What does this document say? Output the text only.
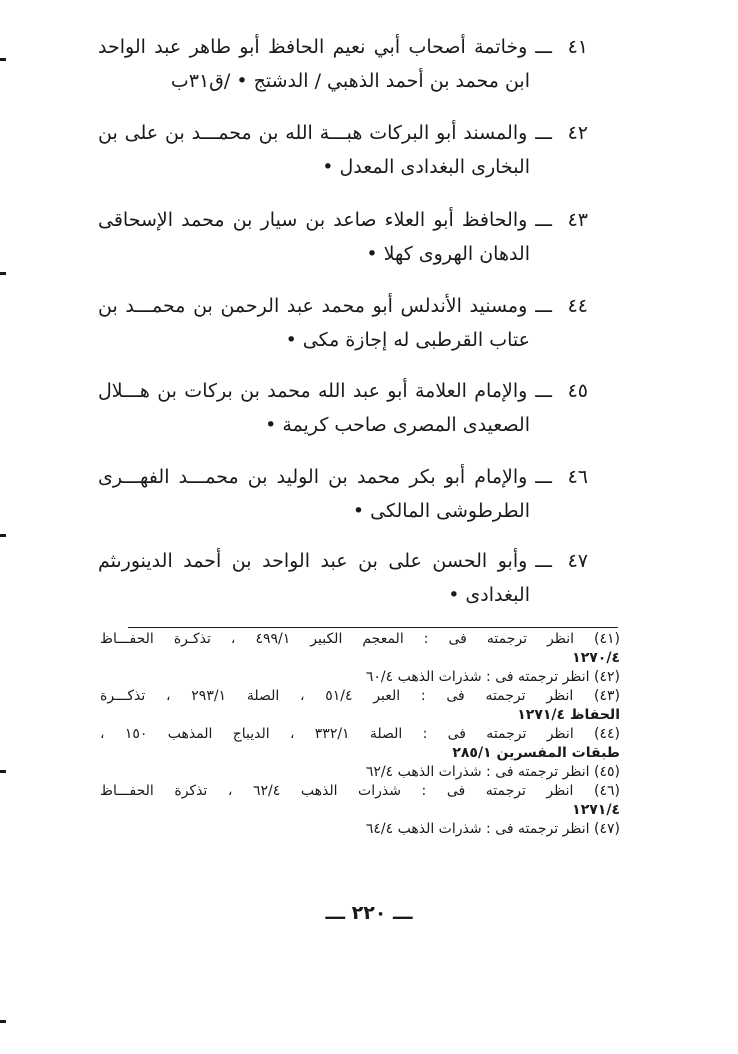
٤١ـــوخاتمة أصحاب أبي نعيم الحافظ أبو طاهر عبد الواحد
ابن محمد بن أحمد الذهبي / الدشتج • /ق٣١ب
٤٢ـــوالمسند أبو البركات هبـــة الله بن محمـــد بن على بن
البخارى البغدادى المعدل •
٤٣ـــوالحافظ أبو العلاء صاعد بن سيار بن محمد الإسحاقى
الدهان الهروى كهلا •
٤٤ـــومسنيد الأندلس أبو محمد عبد الرحمن بن محمـــد بن
عتاب القرطبى له إجازة مكى •
٤٥ـــوالإمام العلامة أبو عبد الله محمد بن بركات بن هـــلال
الصعيدى المصرى صاحب كريمة •
٤٦ـــوالإمام أبو بكر محمد بن الوليد بن محمـــد الفهـــرى
الطرطوشى المالكى •
٤٧ـــوأبو الحسن على بن عبد الواحد بن أحمد الدينورىثم
البغدادى •
(٤١) انظر ترجمته فى : المعجم الكبير ٤٩٩/١ ، تذكـرة الحفـــاظ
١٢٧٠/٤
(٤٢) انظر ترجمته فى : شذرات الذهب ٦٠/٤
(٤٣) انظر ترجمته فى : العبر ٥١/٤ ، الصلة ٢٩٣/١ ، تذكـــرة
الحفاظ ١٢٧١/٤
(٤٤) انظر ترجمته فى : الصلة ٣٣٢/١ ، الديباج المذهب ١٥٠ ،
طبقات المفسرين ٢٨٥/١
(٤٥) انظر ترجمته فى : شذرات الذهب ٦٢/٤
(٤٦) انظر ترجمته فى : شذرات الذهب ٦٢/٤ ، تذكرة الحفـــاظ
١٢٧١/٤
(٤٧) انظر ترجمته فى : شذرات الذهب ٦٤/٤
ـــ ٢٢٠ ـــ
